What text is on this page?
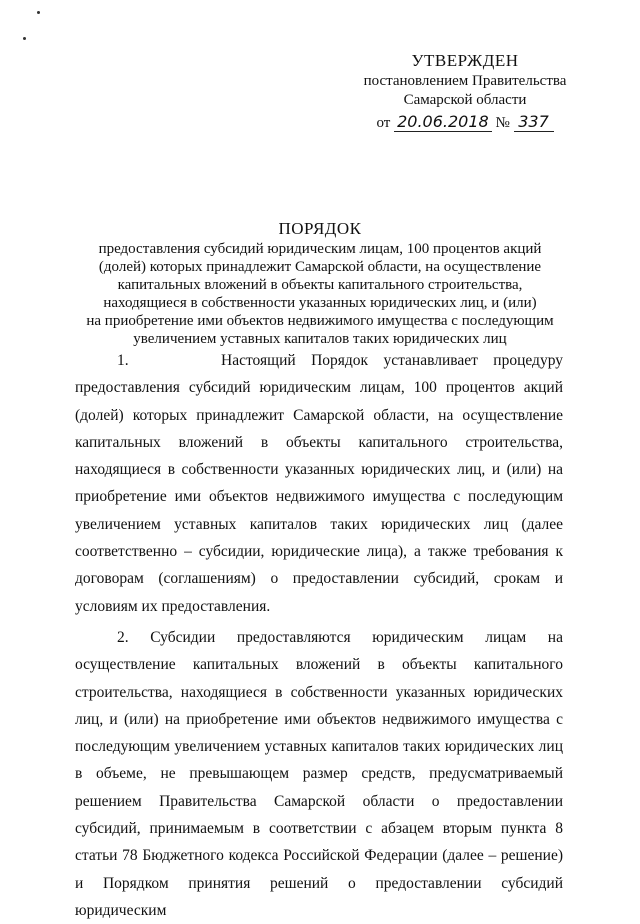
УТВЕРЖДЕН
постановлением Правительства
Самарской области
от 20.06.2018 № 337
ПОРЯДОК

предоставления субсидий юридическим лицам, 100 процентов акций

(долей) которых принадлежит Самарской области, на осуществление

капитальных вложений в объекты капитального строительства,

находящиеся в собственности указанных юридических лиц, и (или)

на приобретение ими объектов недвижимого имущества с последующим

увеличением уставных капиталов таких юридических лиц

1.      Настоящий Порядок устанавливает процедуру предоставления субсидий юридическим лицам, 100 процентов акций (долей) которых принадлежит Самарской области, на осуществление капитальных вложений в объекты капитального строительства, находящиеся в собственности указанных юридических лиц, и (или) на приобретение ими объектов недвижимого имущества с последующим увеличением уставных капиталов таких юридических лиц (далее соответственно – субсидии, юридические лица), а также требования к договорам (соглашениям) о предоставлении субсидий, срокам и условиям их предоставления.

2. Субсидии предоставляются юридическим лицам на осуществление капитальных вложений в объекты капитального строительства, находящиеся в собственности указанных юридических лиц, и (или) на приобретение ими объектов недвижимого имущества с последующим увеличением уставных капиталов таких юридических лиц в объеме, не превышающем размер средств, предусматриваемый решением Правительства Самарской области о предоставлении субсидий, принимаемым в соответствии с абзацем вторым пункта 8 статьи 78 Бюджетного кодекса Российской Федерации (далее – решение) и Порядком принятия решений о предоставлении субсидий юридическим
